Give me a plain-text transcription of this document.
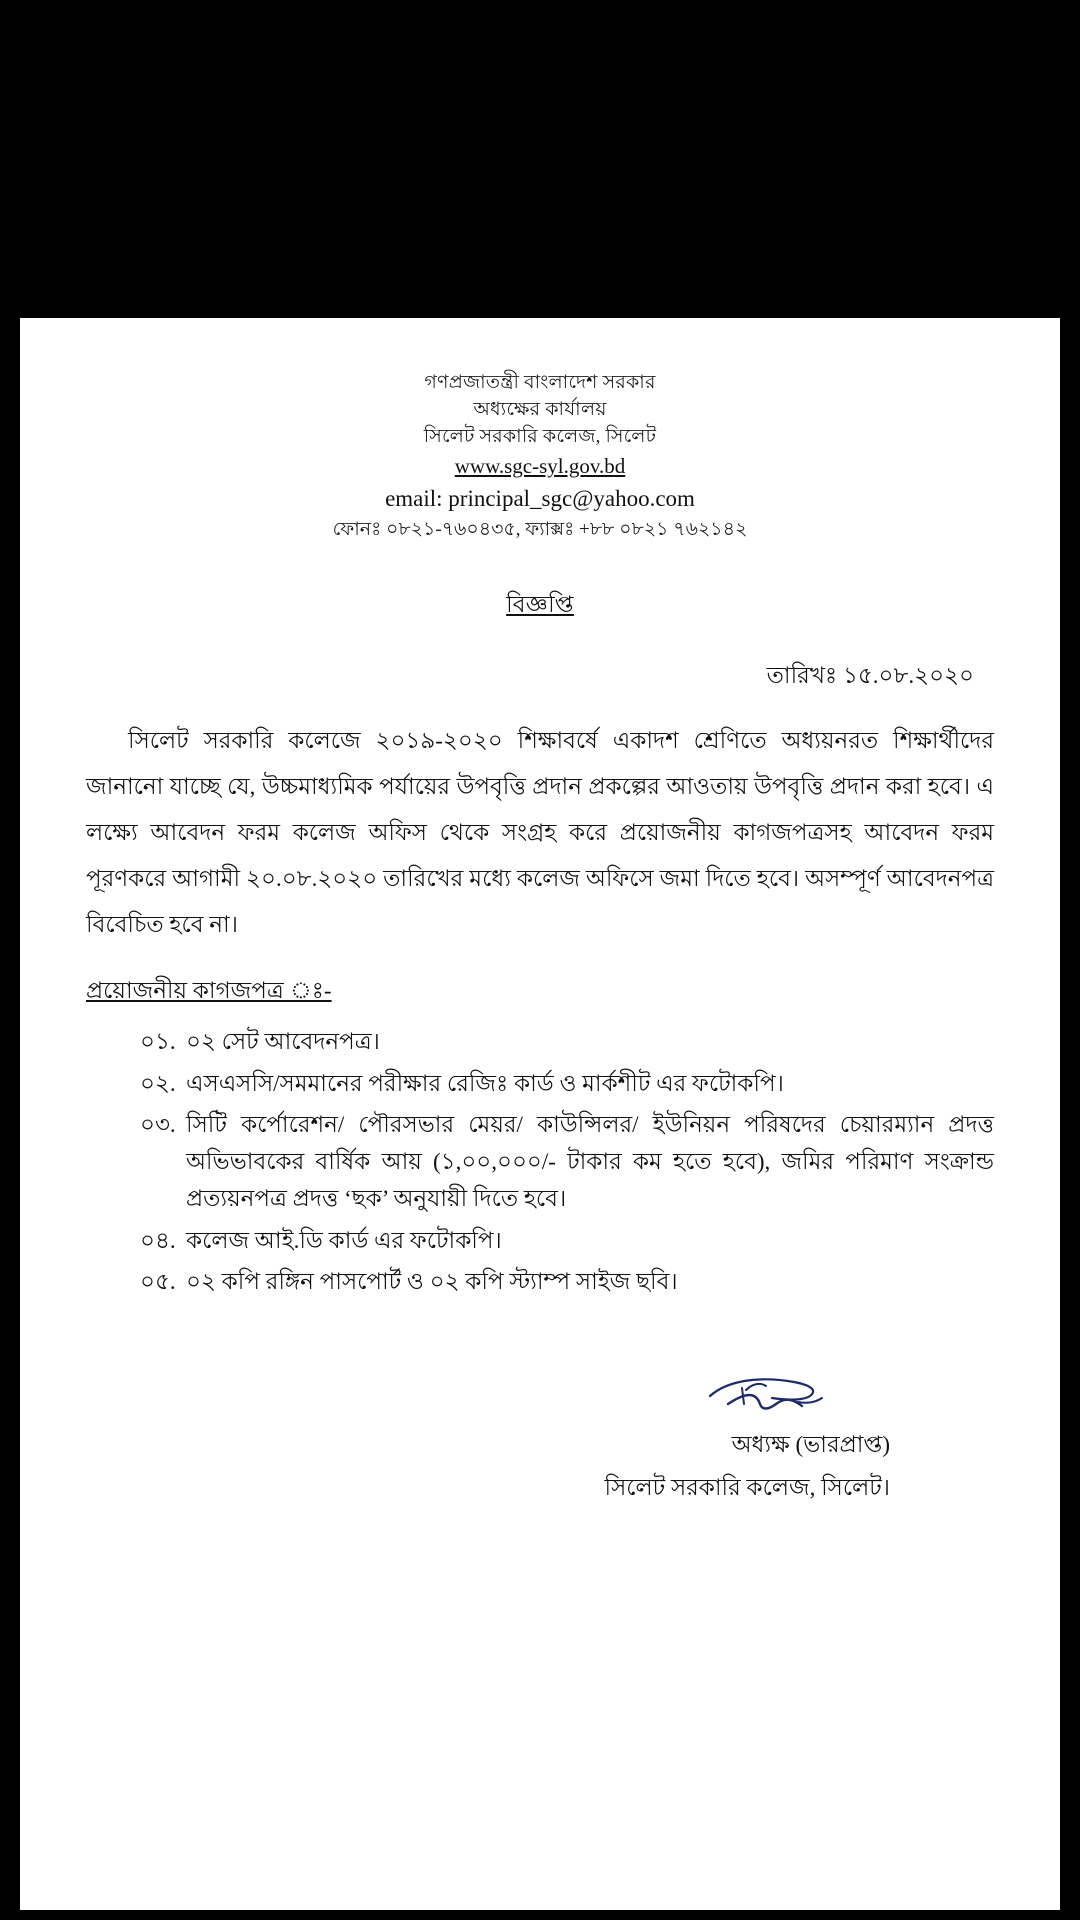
গণপ্রজাতন্ত্রী বাংলাদেশ সরকার
অধ্যক্ষের কার্যালয়
সিলেট সরকারি কলেজ, সিলেট
www.sgc-syl.gov.bd
email: principal_sgc@yahoo.com
ফোনঃ ০৮২১-৭৬০৪৩৫, ফ্যাক্সঃ +৮৮ ০৮২১ ৭৬২১৪২
বিজ্ঞপ্তি
তারিখঃ ১৫.০৮.২০২০
সিলেট সরকারি কলেজে ২০১৯-২০২০ শিক্ষাবর্ষে একাদশ শ্রেণিতে অধ্যয়নরত শিক্ষার্থীদের জানানো যাচ্ছে যে, উচ্চমাধ্যমিক পর্যায়ের উপবৃত্তি প্রদান প্রকল্পের আওতায় উপবৃত্তি প্রদান করা হবে। এ লক্ষ্যে আবেদন ফরম কলেজ অফিস থেকে সংগ্রহ করে প্রয়োজনীয় কাগজপত্রসহ আবেদন ফরম পূরণকরে আগামী ২০.০৮.২০২০ তারিখের মধ্যে কলেজ অফিসে জমা দিতে হবে। অসম্পূর্ণ আবেদনপত্র বিবেচিত হবে না।
প্রয়োজনীয় কাগজপত্র ঃ-
০১. ০২ সেট আবেদনপত্র।
০২. এসএসসি/সমমানের পরীক্ষার রেজিঃ কার্ড ও মার্কশীট এর ফটোকপি।
০৩. সিটি কর্পোরেশন/ পৌরসভার মেয়র/ কাউন্সিলর/ ইউনিয়ন পরিষদের চেয়ারম্যান প্রদত্ত অভিভাবকের বার্ষিক আয় (১,০০,০০০/- টাকার কম হতে হবে), জমির পরিমাণ সংক্রান্ড প্রত্যয়নপত্র প্রদত্ত ‘ছক’ অনুযায়ী দিতে হবে।
০৪. কলেজ আই.ডি কার্ড এর ফটোকপি।
০৫. ০২ কপি রঙ্গিন পাসপোর্ট ও ০২ কপি স্ট্যাম্প সাইজ ছবি।
অধ্যক্ষ (ভারপ্রাপ্ত)
সিলেট সরকারি কলেজ, সিলেট।
